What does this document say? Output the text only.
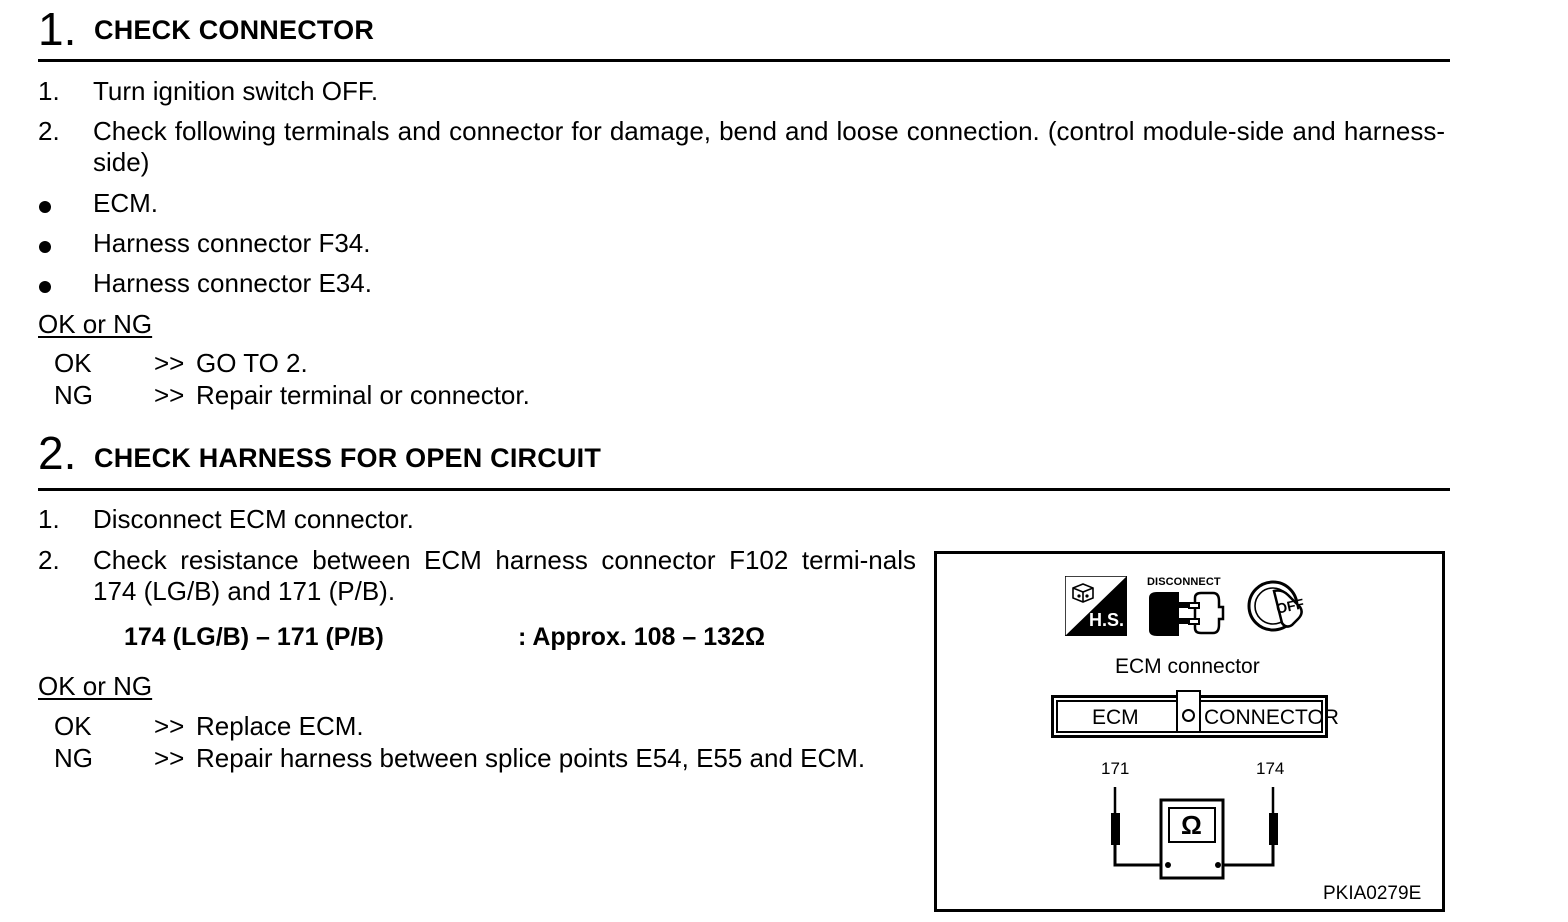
1. CHECK CONNECTOR
1. Turn ignition switch OFF.
2. Check following terminals and connector for damage, bend and loose connection. (control module-side and harness-side)
ECM.
Harness connector F34.
Harness connector E34.
OK or NG
OK >> GO TO 2.
NG >> Repair terminal or connector.
2. CHECK HARNESS FOR OPEN CIRCUIT
1. Disconnect ECM connector.
2. Check resistance between ECM harness connector F102 termi-nals 174 (LG/B) and 171 (P/B).
174 (LG/B) – 171 (P/B)	: Approx. 108 – 132Ω
OK or NG
OK >> Replace ECM.
NG >> Repair harness between splice points E54, E55 and ECM.
H.S.
DISCONNECT
OFF
ECM connector
ECM	CONNECTOR
171	174
Ω
PKIA0279E
